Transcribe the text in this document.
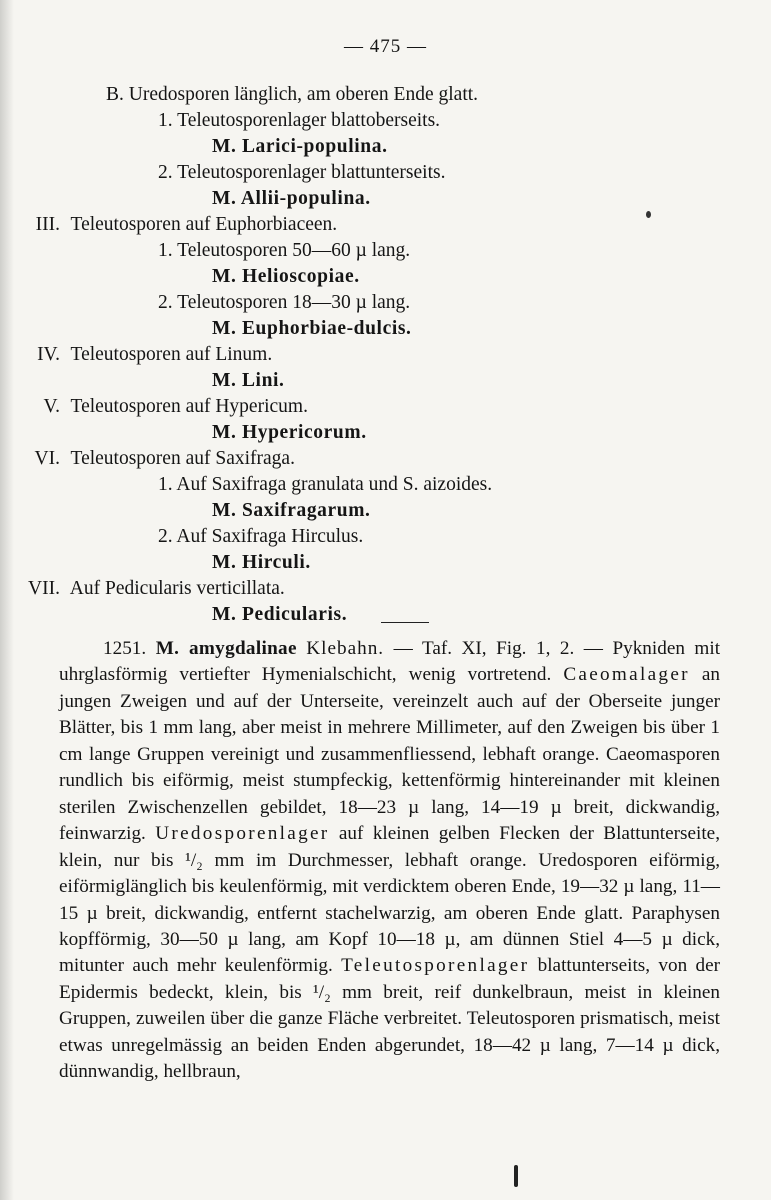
— 475 —
B. Uredosporen länglich, am oberen Ende glatt.
1. Teleutosporenlager blattoberseits.
M. Larici-populina.
2. Teleutosporenlager blattunterseits.
M. Allii-populina.
III. Teleutosporen auf Euphorbiaceen.
1. Teleutosporen 50—60 µ lang.
M. Helioscopiae.
2. Teleutosporen 18—30 µ lang.
M. Euphorbiae-dulcis.
IV. Teleutosporen auf Linum.
M. Lini.
V. Teleutosporen auf Hypericum.
M. Hypericorum.
VI. Teleutosporen auf Saxifraga.
1. Auf Saxifraga granulata und S. aizoides.
M. Saxifragarum.
2. Auf Saxifraga Hirculus.
M. Hirculi.
VII. Auf Pedicularis verticillata.
M. Pedicularis.

1251. M. amygdalinae Klebahn. — Taf. XI, Fig. 1, 2. — Pykniden mit uhrglasförmig vertiefter Hymenialschicht, wenig vortretend. Caeomalager an jungen Zweigen und auf der Unterseite, vereinzelt auch auf der Oberseite junger Blätter, bis 1 mm lang, aber meist in mehrere Millimeter, auf den Zweigen bis über 1 cm lange Gruppen vereinigt und zusammenfliessend, lebhaft orange. Caeomasporen rundlich bis eiförmig, meist stumpfeckig, kettenförmig hintereinander mit kleinen sterilen Zwischenzellen gebildet, 18—23 µ lang, 14—19 µ breit, dickwandig, feinwarzig. Uredosporenlager auf kleinen gelben Flecken der Blattunterseite, klein, nur bis ¹/₂ mm im Durchmesser, lebhaft orange. Uredosporen eiförmig, eiförmiglänglich bis keulenförmig, mit verdicktem oberen Ende, 19—32 µ lang, 11—15 µ breit, dickwandig, entfernt stachelwarzig, am oberen Ende glatt. Paraphysen kopfförmig, 30—50 µ lang, am Kopf 10—18 µ, am dünnen Stiel 4—5 µ dick, mitunter auch mehr keulenförmig. Teleutosporenlager blattunterseits, von der Epidermis bedeckt, klein, bis ¹/₂ mm breit, reif dunkelbraun, meist in kleinen Gruppen, zuweilen über die ganze Fläche verbreitet. Teleutosporen prismatisch, meist etwas unregelmässig an beiden Enden abgerundet, 18—42 µ lang, 7—14 µ dick, dünnwandig, hellbraun,
